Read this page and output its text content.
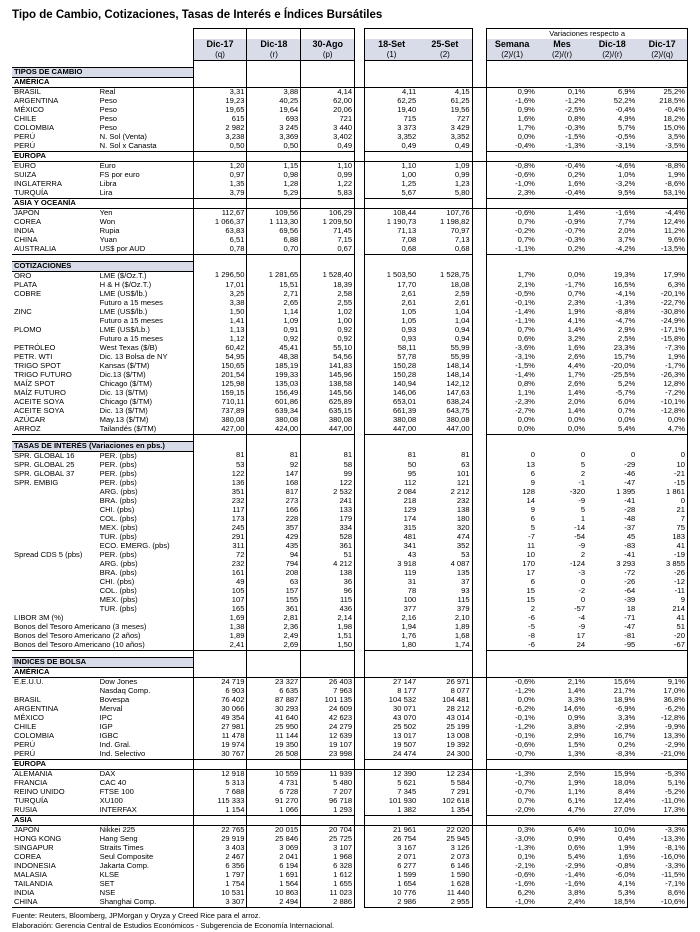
Tipo de Cambio, Cotizaciones, Tasas de Interés e Índices Bursátiles
									Variaciones respecto a			
		Dic-17	Dic-18	30-Ago		18-Set	25-Set		Semana	Mes	Dic-18	Dic-17
		(q)	(r)	(p)		(1)	(2)		(2)/(1)	(2)/(r)	(2)/(r)	(2)/(q)

TIPOS DE CAMBIO												
AMÉRICA												
BRASIL	Real	3,31	3,88	4,14		4,11	4,15		0,9%	0,1%	6,9%	25,2%
ARGENTINA	Peso	19,23	40,25	62,00		62,25	61,25		-1,6%	-1,2%	52,2%	218,5%
MÉXICO	Peso	19,65	19,64	20,06		19,40	19,56		0,9%	-2,5%	-0,4%	-0,4%
CHILE	Peso	615	693	721		715	727		1,6%	0,8%	4,9%	18,2%
COLOMBIA	Peso	2 982	3 245	3 440		3 373	3 429		1,7%	-0,3%	5,7%	15,0%
PERÚ	N. Sol (Venta)	3,238	3,369	3,402		3,352	3,352		0,0%	-1,5%	-0,5%	3,5%
PERÚ	N. Sol x Canasta	0,50	0,50	0,49		0,49	0,49		-0,4%	-1,3%	-3,1%	-3,5%
EUROPA												
EURO	Euro	1,20	1,15	1,10		1,10	1,09		-0,8%	-0,4%	-4,6%	-8,8%
SUIZA	FS por euro	0,97	0,98	0,99		1,00	0,99		-0,6%	0,2%	1,0%	1,9%
INGLATERRA	Libra	1,35	1,28	1,22		1,25	1,23		-1,0%	1,6%	-3,2%	-8,6%
TURQUÍA	Lira	3,79	5,29	5,83		5,67	5,80		2,3%	-0,4%	9,5%	53,1%
ASIA Y OCEANÍA												
JAPÓN	Yen	112,67	109,56	106,29		108,44	107,76		-0,6%	1,4%	-1,6%	-4,4%
COREA	Won	1 066,37	1 113,30	1 209,50		1 190,73	1 198,82		0,7%	-0,9%	7,7%	12,4%
INDIA	Rupia	63,83	69,56	71,45		71,13	70,97		-0,2%	-0,7%	2,0%	11,2%
CHINA	Yuan	6,51	6,88	7,15		7,08	7,13		0,7%	-0,3%	3,7%	9,6%
AUSTRALIA	US$ por AUD	0,78	0,70	0,67		0,68	0,68		-1,1%	0,2%	-4,2%	-13,5%

COTIZACIONES												
ORO	LME ($/Oz.T.)	1 296,50	1 281,65	1 528,40		1 503,50	1 528,75		1,7%	0,0%	19,3%	17,9%
PLATA	H & H ($/Oz.T.)	17,01	15,51	18,39		17,70	18,08		2,1%	-1,7%	16,5%	6,3%
COBRE	LME (US$/lb.)	3,25	2,71	2,58		2,61	2,59		-0,5%	0,7%	-4,1%	-20,1%
	Futuro a 15 meses	3,38	2,65	2,55		2,61	2,61		-0,1%	2,3%	-1,3%	-22,7%
ZINC	LME (US$/lb.)	1,50	1,14	1,02		1,05	1,04		-1,4%	1,9%	-8,8%	-30,8%
	Futuro a 15 meses	1,41	1,09	1,00		1,05	1,04		-1,1%	4,1%	-4,7%	-24,9%
PLOMO	LME (US$/Lb.)	1,13	0,91	0,92		0,93	0,94		0,7%	1,4%	2,9%	-17,1%
	Futuro a 15 meses	1,12	0,92	0,92		0,93	0,94		0,6%	3,2%	2,5%	-15,8%
PETRÓLEO	West Texas ($/B)	60,42	45,41	55,10		58,11	55,99		-3,6%	1,6%	23,3%	-7,3%
PETR. WTI	Dic. 13 Bolsa de NY	54,95	48,38	54,56		57,78	55,99		-3,1%	2,6%	15,7%	1,9%
TRIGO SPOT	Kansas ($/TM)	150,65	185,19	141,83		150,28	148,14		-1,5%	4,4%	-20,0%	-1,7%
TRIGO FUTURO	Dic.13 ($/TM)	201,54	199,33	145,96		150,28	148,14		-1,4%	1,7%	-25,5%	-26,3%
MAÍZ SPOT	Chicago ($/TM)	125,98	135,03	138,58		140,94	142,12		0,8%	2,6%	5,2%	12,8%
MAÍZ FUTURO	Dic. 13 ($/TM)	159,15	156,49	145,56		146,06	147,63		1,1%	1,4%	-5,7%	-7,2%
ACEITE SOYA	Chicago ($/TM)	710,11	601,86	625,89		653,01	638,24		-2,3%	2,0%	6,0%	-10,1%
ACEITE SOYA	Dic. 13 ($/TM)	737,89	639,34	635,15		661,39	643,75		-2,7%	1,4%	0,7%	-12,8%
AZÚCAR	May.13 ($/TM)	380,08	380,08	380,08		380,08	380,08		0,0%	0,0%	0,0%	0,0%
ARROZ	Tailandés ($/TM)	427,00	424,00	447,00		447,00	447,00		0,0%	0,0%	5,4%	4,7%

TASAS DE INTERÉS (Variaciones en pbs.)												
SPR. GLOBAL 16	PER. (pbs)	81	81	81		81	81		0	0	0	0
SPR. GLOBAL 25	PER. (pbs)	53	92	58		50	63		13	5	-29	10
SPR. GLOBAL 37	PER. (pbs)	122	147	99		95	101		6	2	-46	-21
SPR. EMBIG	PER. (pbs)	136	168	122		112	121		9	-1	-47	-15
	ARG. (pbs)	351	817	2 532		2 084	2 212		128	-320	1 395	1 861
	BRA. (pbs)	232	273	241		218	232		14	-9	-41	0
	CHI. (pbs)	117	166	133		129	138		9	5	-28	21
	COL. (pbs)	173	228	179		174	180		6	1	-48	7
	MEX. (pbs)	245	357	334		315	320		5	-14	-37	75
	TUR. (pbs)	291	429	528		481	474		-7	-54	45	183
	ECO. EMERG. (pbs)	311	435	361		341	352		11	-9	-83	41
Spread CDS 5 (pbs)	PER. (pbs)	72	94	51		43	53		10	2	-41	-19
	ARG. (pbs)	232	794	4 212		3 918	4 087		170	-124	3 293	3 855
	BRA. (pbs)	161	208	138		119	135		17	-3	-72	-26
	CHI. (pbs)	49	63	36		31	37		6	0	-26	-12
	COL. (pbs)	105	157	96		78	93		15	-2	-64	-11
	MEX. (pbs)	107	155	115		100	115		15	0	-39	9
	TUR. (pbs)	165	361	436		377	379		2	-57	18	214
LIBOR 3M (%)		1,69	2,81	2,14		2,16	2,10		-6	-4	-71	41
Bonos del Tesoro Americano (3 meses)		1,38	2,36	1,98		1,94	1,89		-5	-9	-47	51
Bonos del Tesoro Americano (2 años)		1,89	2,49	1,51		1,76	1,68		-8	17	-81	-20
Bonos del Tesoro Americano (10 años)		2,41	2,69	1,50		1,80	1,74		-6	24	-95	-67

ÍNDICES DE BOLSA												
AMÉRICA												
E.E.U.U.	Dow Jones	24 719	23 327	26 403		27 147	26 971		-0,6%	2,1%	15,6%	9,1%
	Nasdaq Comp.	6 903	6 635	7 963		8 177	8 077		-1,2%	1,4%	21,7%	17,0%
BRASIL	Bovespa	76 402	87 887	101 135		104 532	104 481		0,0%	3,3%	18,9%	36,8%
ARGENTINA	Merval	30 066	30 293	24 609		30 071	28 212		-6,2%	14,6%	-6,9%	-6,2%
MÉXICO	IPC	49 354	41 640	42 623		43 070	43 014		-0,1%	0,9%	3,3%	-12,8%
CHILE	IGP	27 981	25 950	24 279		25 502	25 199		-1,2%	3,8%	-2,9%	-9,9%
COLOMBIA	IGBC	11 478	11 144	12 639		13 017	13 008		-0,1%	2,9%	16,7%	13,3%
PERÚ	Ind. Gral.	19 974	19 350	19 107		19 507	19 392		-0,6%	1,5%	0,2%	-2,9%
PERÚ	Ind. Selectivo	30 767	26 508	23 998		24 474	24 300		-0,7%	1,3%	-8,3%	-21,0%
EUROPA												
ALEMANIA	DAX	12 918	10 559	11 939		12 390	12 234		-1,3%	2,5%	15,9%	-5,3%
FRANCIA	CAC 40	5 313	4 731	5 480		5 621	5 584		-0,7%	1,9%	18,0%	5,1%
REINO UNIDO	FTSE 100	7 688	6 728	7 207		7 345	7 291		-0,7%	1,1%	8,4%	-5,2%
TURQUÍA	XU100	115 333	91 270	96 718		101 930	102 618		0,7%	6,1%	12,4%	-11,0%
RUSIA	INTERFAX	1 154	1 066	1 293		1 382	1 354		-2,0%	4,7%	27,0%	17,3%
ASIA												
JAPÓN	Nikkei 225	22 765	20 015	20 704		21 961	22 020		0,3%	6,4%	10,0%	-3,3%
HONG KONG	Hang Seng	29 919	25 846	25 725		26 754	25 945		-3,0%	0,9%	0,4%	-13,3%
SINGAPUR	Straits Times	3 403	3 069	3 107		3 167	3 126		-1,3%	0,6%	1,9%	-8,1%
COREA	Seul Composite	2 467	2 041	1 968		2 071	2 073		0,1%	5,4%	1,6%	-16,0%
INDONESIA	Jakarta Comp.	6 356	6 194	6 328		6 277	6 146		-2,1%	-2,9%	-0,8%	-3,3%
MALASIA	KLSE	1 797	1 691	1 612		1 599	1 590		-0,6%	-1,4%	-6,0%	-11,5%
TAILANDIA	SET	1 754	1 564	1 655		1 654	1 628		-1,6%	-1,6%	4,1%	-7,1%
INDIA	NSE	10 531	10 863	11 023		10 776	11 440		6,2%	3,8%	5,3%	8,6%
CHINA	Shanghai Comp.	3 307	2 494	2 886		2 986	2 955		-1,0%	2,4%	18,5%	-10,6%
Fuente: Reuters, Bloomberg, JPMorgan y Oryza y Creed Rice para el arroz.
Elaboración: Gerencia Central de Estudios Económicos - Subgerencia de Economía Internacional.
